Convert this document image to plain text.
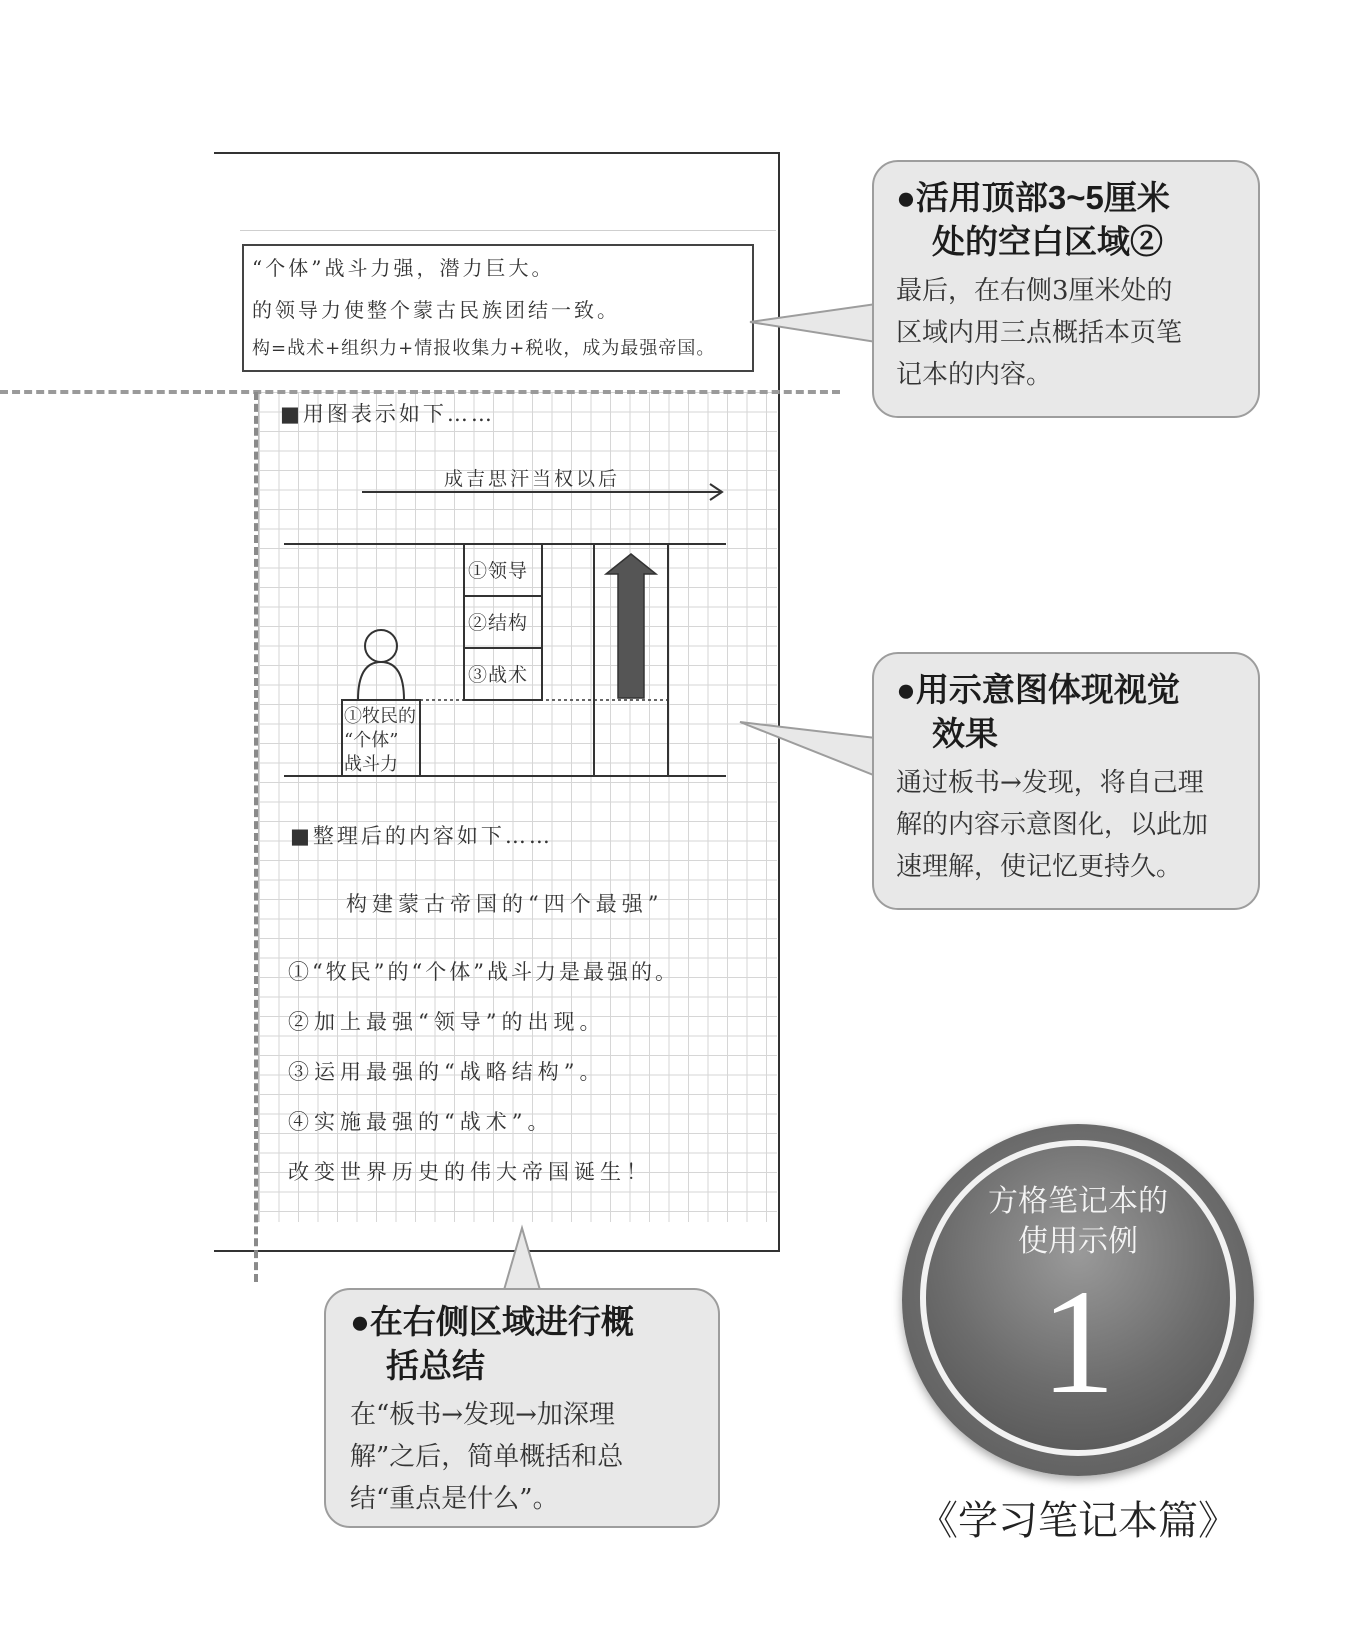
“个体”战斗力强，潜力巨大。
的领导力使整个蒙古民族团结一致。
构=战术+组织力+情报收集力+税收，成为最强帝国。
■用图表示如下……
成吉思汗当权以后
①领导
②结构
③战术
①牧民的
“个体”
战斗力
■整理后的内容如下……
构建蒙古帝国的“四个最强”
①“牧民”的“个体”战斗力是最强的。
②加上最强“领导”的出现。
③运用最强的“战略结构”。
④实施最强的“战术”。
改变世界历史的伟大帝国诞生！
●活用顶部3~5厘米
处的空白区域②
最后，在右侧3厘米处的
区域内用三点概括本页笔
记本的内容。
●用示意图体现视觉
效果
通过板书→发现，将自己理
解的内容示意图化，以此加
速理解，使记忆更持久。
●在右侧区域进行概
括总结
在“板书→发现→加深理
解”之后，简单概括和总
结“重点是什么”。
方格笔记本的
使用示例
1
《学习笔记本篇》
